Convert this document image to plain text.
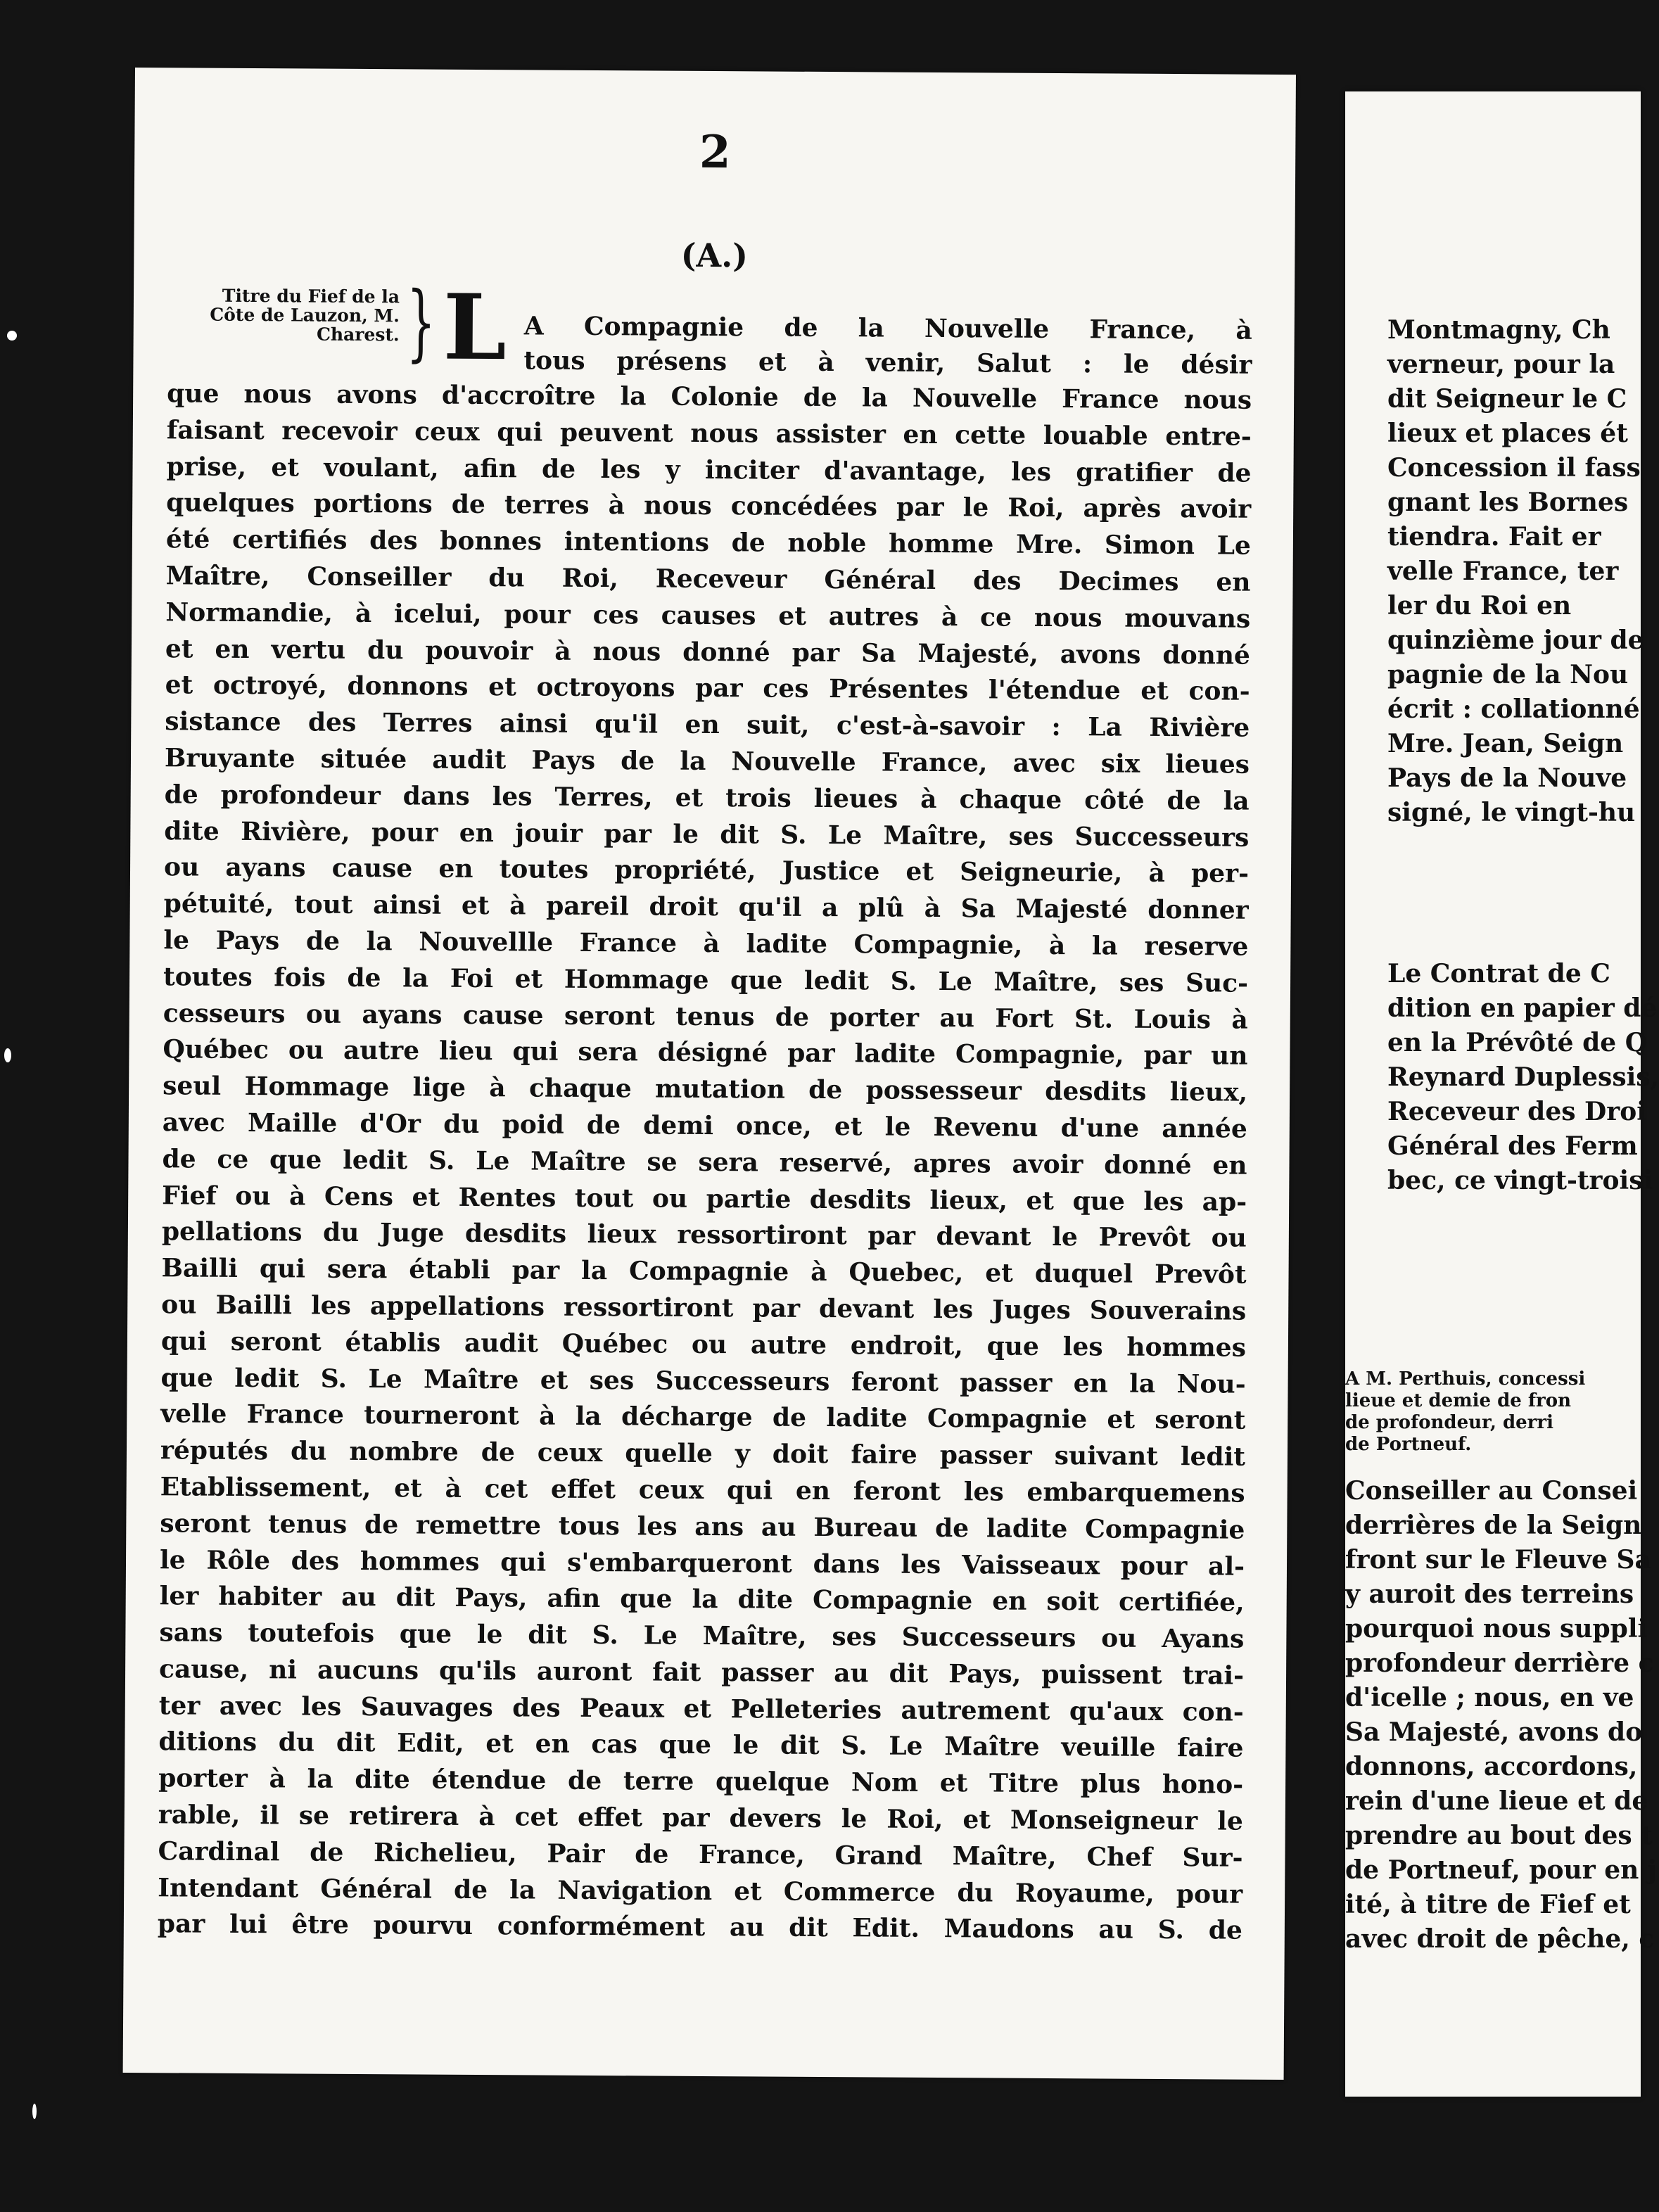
2
(A.)
Titre du Fief de la
Côte de Lauzon, M.
Charest. } L A Compagnie de la Nouvelle France, à
tous présens et à venir, Salut : le désir
que nous avons d'accroître la Colonie de la Nouvelle France nous
faisant recevoir ceux qui peuvent nous assister en cette louable entre-
prise, et voulant, afin de les y inciter d'avantage, les gratifier de
quelques portions de terres à nous concédées par le Roi, après avoir
été certifiés des bonnes intentions de noble homme Mre. Simon Le
Maître, Conseiller du Roi, Receveur Général des Decimes en
Normandie, à icelui, pour ces causes et autres à ce nous mouvans
et en vertu du pouvoir à nous donné par Sa Majesté, avons donné
et octroyé, donnons et octroyons par ces Présentes l'étendue et con-
sistance des Terres ainsi qu'il en suit, c'est-à-savoir : La Rivière
Bruyante située audit Pays de la Nouvelle France, avec six lieues
de profondeur dans les Terres, et trois lieues à chaque côté de la
dite Rivière, pour en jouir par le dit S. Le Maître, ses Successeurs
ou ayans cause en toutes propriété, Justice et Seigneurie, à per-
pétuité, tout ainsi et à pareil droit qu'il a plû à Sa Majesté donner
le Pays de la Nouvellle France à ladite Compagnie, à la reserve
toutes fois de la Foi et Hommage que ledit S. Le Maître, ses Suc-
cesseurs ou ayans cause seront tenus de porter au Fort St. Louis à
Québec ou autre lieu qui sera désigné par ladite Compagnie, par un
seul Hommage lige à chaque mutation de possesseur desdits lieux,
avec Maille d'Or du poid de demi once, et le Revenu d'une année
de ce que ledit S. Le Maître se sera reservé, apres avoir donné en
Fief ou à Cens et Rentes tout ou partie desdits lieux, et que les ap-
pellations du Juge desdits lieux ressortiront par devant le Prevôt ou
Bailli qui sera établi par la Compagnie à Quebec, et duquel Prevôt
ou Bailli les appellations ressortiront par devant les Juges Souverains
qui seront établis audit Québec ou autre endroit, que les hommes
que ledit S. Le Maître et ses Successeurs feront passer en la Nou-
velle France tourneront à la décharge de ladite Compagnie et seront
réputés du nombre de ceux quelle y doit faire passer suivant ledit
Etablissement, et à cet effet ceux qui en feront les embarquemens
seront tenus de remettre tous les ans au Bureau de ladite Compagnie
le Rôle des hommes qui s'embarqueront dans les Vaisseaux pour al-
ler habiter au dit Pays, afin que la dite Compagnie en soit certifiée,
sans toutefois que le dit S. Le Maître, ses Successeurs ou Ayans
cause, ni aucuns qu'ils auront fait passer au dit Pays, puissent trai-
ter avec les Sauvages des Peaux et Pelleteries autrement qu'aux con-
ditions du dit Edit, et en cas que le dit S. Le Maître veuille faire
porter à la dite étendue de terre quelque Nom et Titre plus hono-
rable, il se retirera à cet effet par devers le Roi, et Monseigneur le
Cardinal de Richelieu, Pair de France, Grand Maître, Chef Sur-
Intendant Général de la Navigation et Commerce du Royaume, pour
par lui être pourvu conformément au dit Edit. Maudons au S. de
Montmagny, Ch
verneur, pour la
dit Seigneur le C
lieux et places ét
Concession il fass
gnant les Bornes
tiendra. Fait er
velle France, ter
ler du Roi en
quinzième jour de
pagnie de la Nou
écrit : collationné
Mre. Jean, Seign
Pays de la Nouve
signé, le vingt-hu
Le Contrat de C
dition en papier dé
en la Prévôté de Q
Reynard Duplessis,
Receveur des Droi
Général des Ferm
bec, ce vingt-troisi
A M. Perthuis, concessi
lieue et demie de fron
de profondeur, derri
de Portneuf.
Conseiller au Consei
derrières de la Seign
front sur le Fleuve Sa
y auroit des terreins
pourquoi nous suppli
profondeur derrière c
d'icelle ; nous, en ve
Sa Majesté, avons do
donnons, accordons,
rein d'une lieue et de
prendre au bout des t
de Portneuf, pour en j
ité, à titre de Fief et
avec droit de pêche, c
